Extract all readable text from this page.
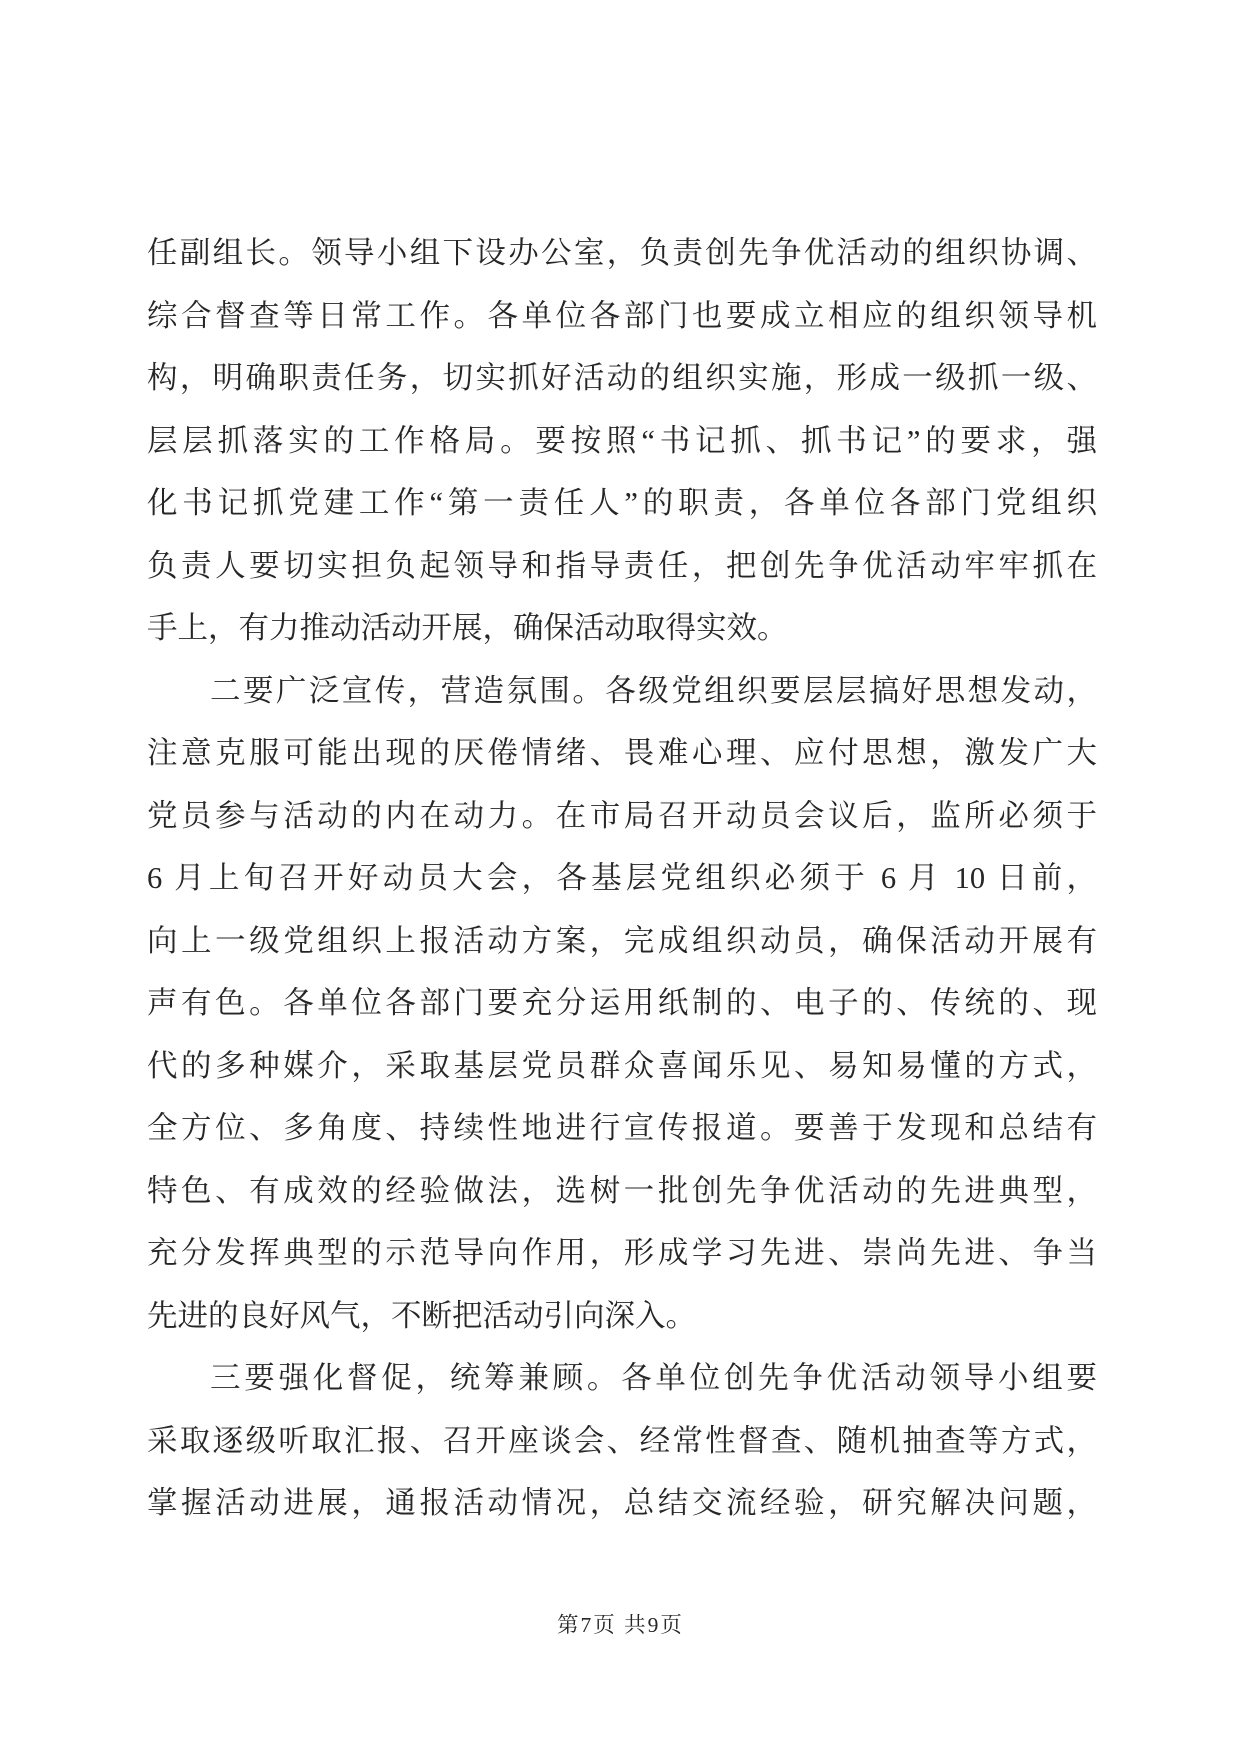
任副组长。领导小组下设办公室，负责创先争优活动的组织协调、

综合督查等日常工作。各单位各部门也要成立相应的组织领导机

构，明确职责任务，切实抓好活动的组织实施，形成一级抓一级、

层层抓落实的工作格局。要按照“书记抓、抓书记”的要求，强

化书记抓党建工作“第一责任人”的职责，各单位各部门党组织

负责人要切实担负起领导和指导责任，把创先争优活动牢牢抓在

手上，有力推动活动开展，确保活动取得实效。

二要广泛宣传，营造氛围。各级党组织要层层搞好思想发动，

注意克服可能出现的厌倦情绪、畏难心理、应付思想，激发广大

党员参与活动的内在动力。在市局召开动员会议后，监所必须于

6 月上旬召开好动员大会，各基层党组织必须于 6 月 10 日前，

向上一级党组织上报活动方案，完成组织动员，确保活动开展有

声有色。各单位各部门要充分运用纸制的、电子的、传统的、现

代的多种媒介，采取基层党员群众喜闻乐见、易知易懂的方式，

全方位、多角度、持续性地进行宣传报道。要善于发现和总结有

特色、有成效的经验做法，选树一批创先争优活动的先进典型，

充分发挥典型的示范导向作用，形成学习先进、崇尚先进、争当

先进的良好风气，不断把活动引向深入。

三要强化督促，统筹兼顾。各单位创先争优活动领导小组要

采取逐级听取汇报、召开座谈会、经常性督查、随机抽查等方式，

掌握活动进展，通报活动情况，总结交流经验，研究解决问题，

第7页 共9页
